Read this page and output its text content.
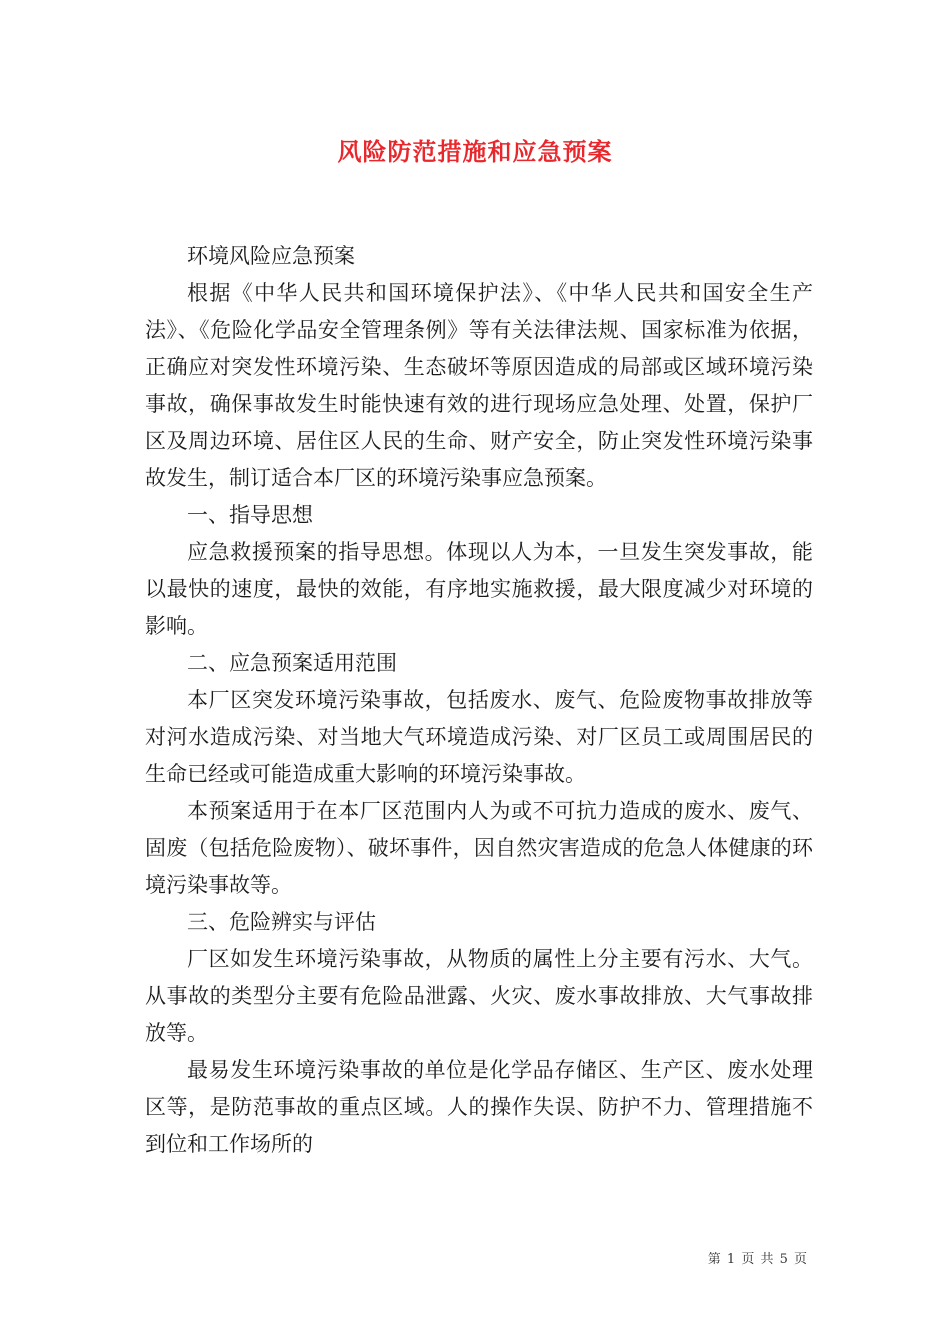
风险防范措施和应急预案

环境风险应急预案

根据《中华人民共和国环境保护法》、《中华人民共和国安全生产法》、《危险化学品安全管理条例》等有关法律法规、国家标准为依据，正确应对突发性环境污染、生态破坏等原因造成的局部或区域环境污染事故，确保事故发生时能快速有效的进行现场应急处理、处置，保护厂区及周边环境、居住区人民的生命、财产安全，防止突发性环境污染事故发生，制订适合本厂区的环境污染事应急预案。

一、指导思想

应急救援预案的指导思想。体现以人为本，一旦发生突发事故，能以最快的速度，最快的效能，有序地实施救援，最大限度减少对环境的影响。

二、应急预案适用范围

本厂区突发环境污染事故，包括废水、废气、危险废物事故排放等对河水造成污染、对当地大气环境造成污染、对厂区员工或周围居民的生命已经或可能造成重大影响的环境污染事故。

本预案适用于在本厂区范围内人为或不可抗力造成的废水、废气、固废（包括危险废物）、破坏事件，因自然灾害造成的危急人体健康的环境污染事故等。

三、危险辨实与评估

厂区如发生环境污染事故，从物质的属性上分主要有污水、大气。从事故的类型分主要有危险品泄露、火灾、废水事故排放、大气事故排放等。

最易发生环境污染事故的单位是化学品存储区、生产区、废水处理区等，是防范事故的重点区域。人的操作失误、防护不力、管理措施不到位和工作场所的

第 1 页 共 5 页
